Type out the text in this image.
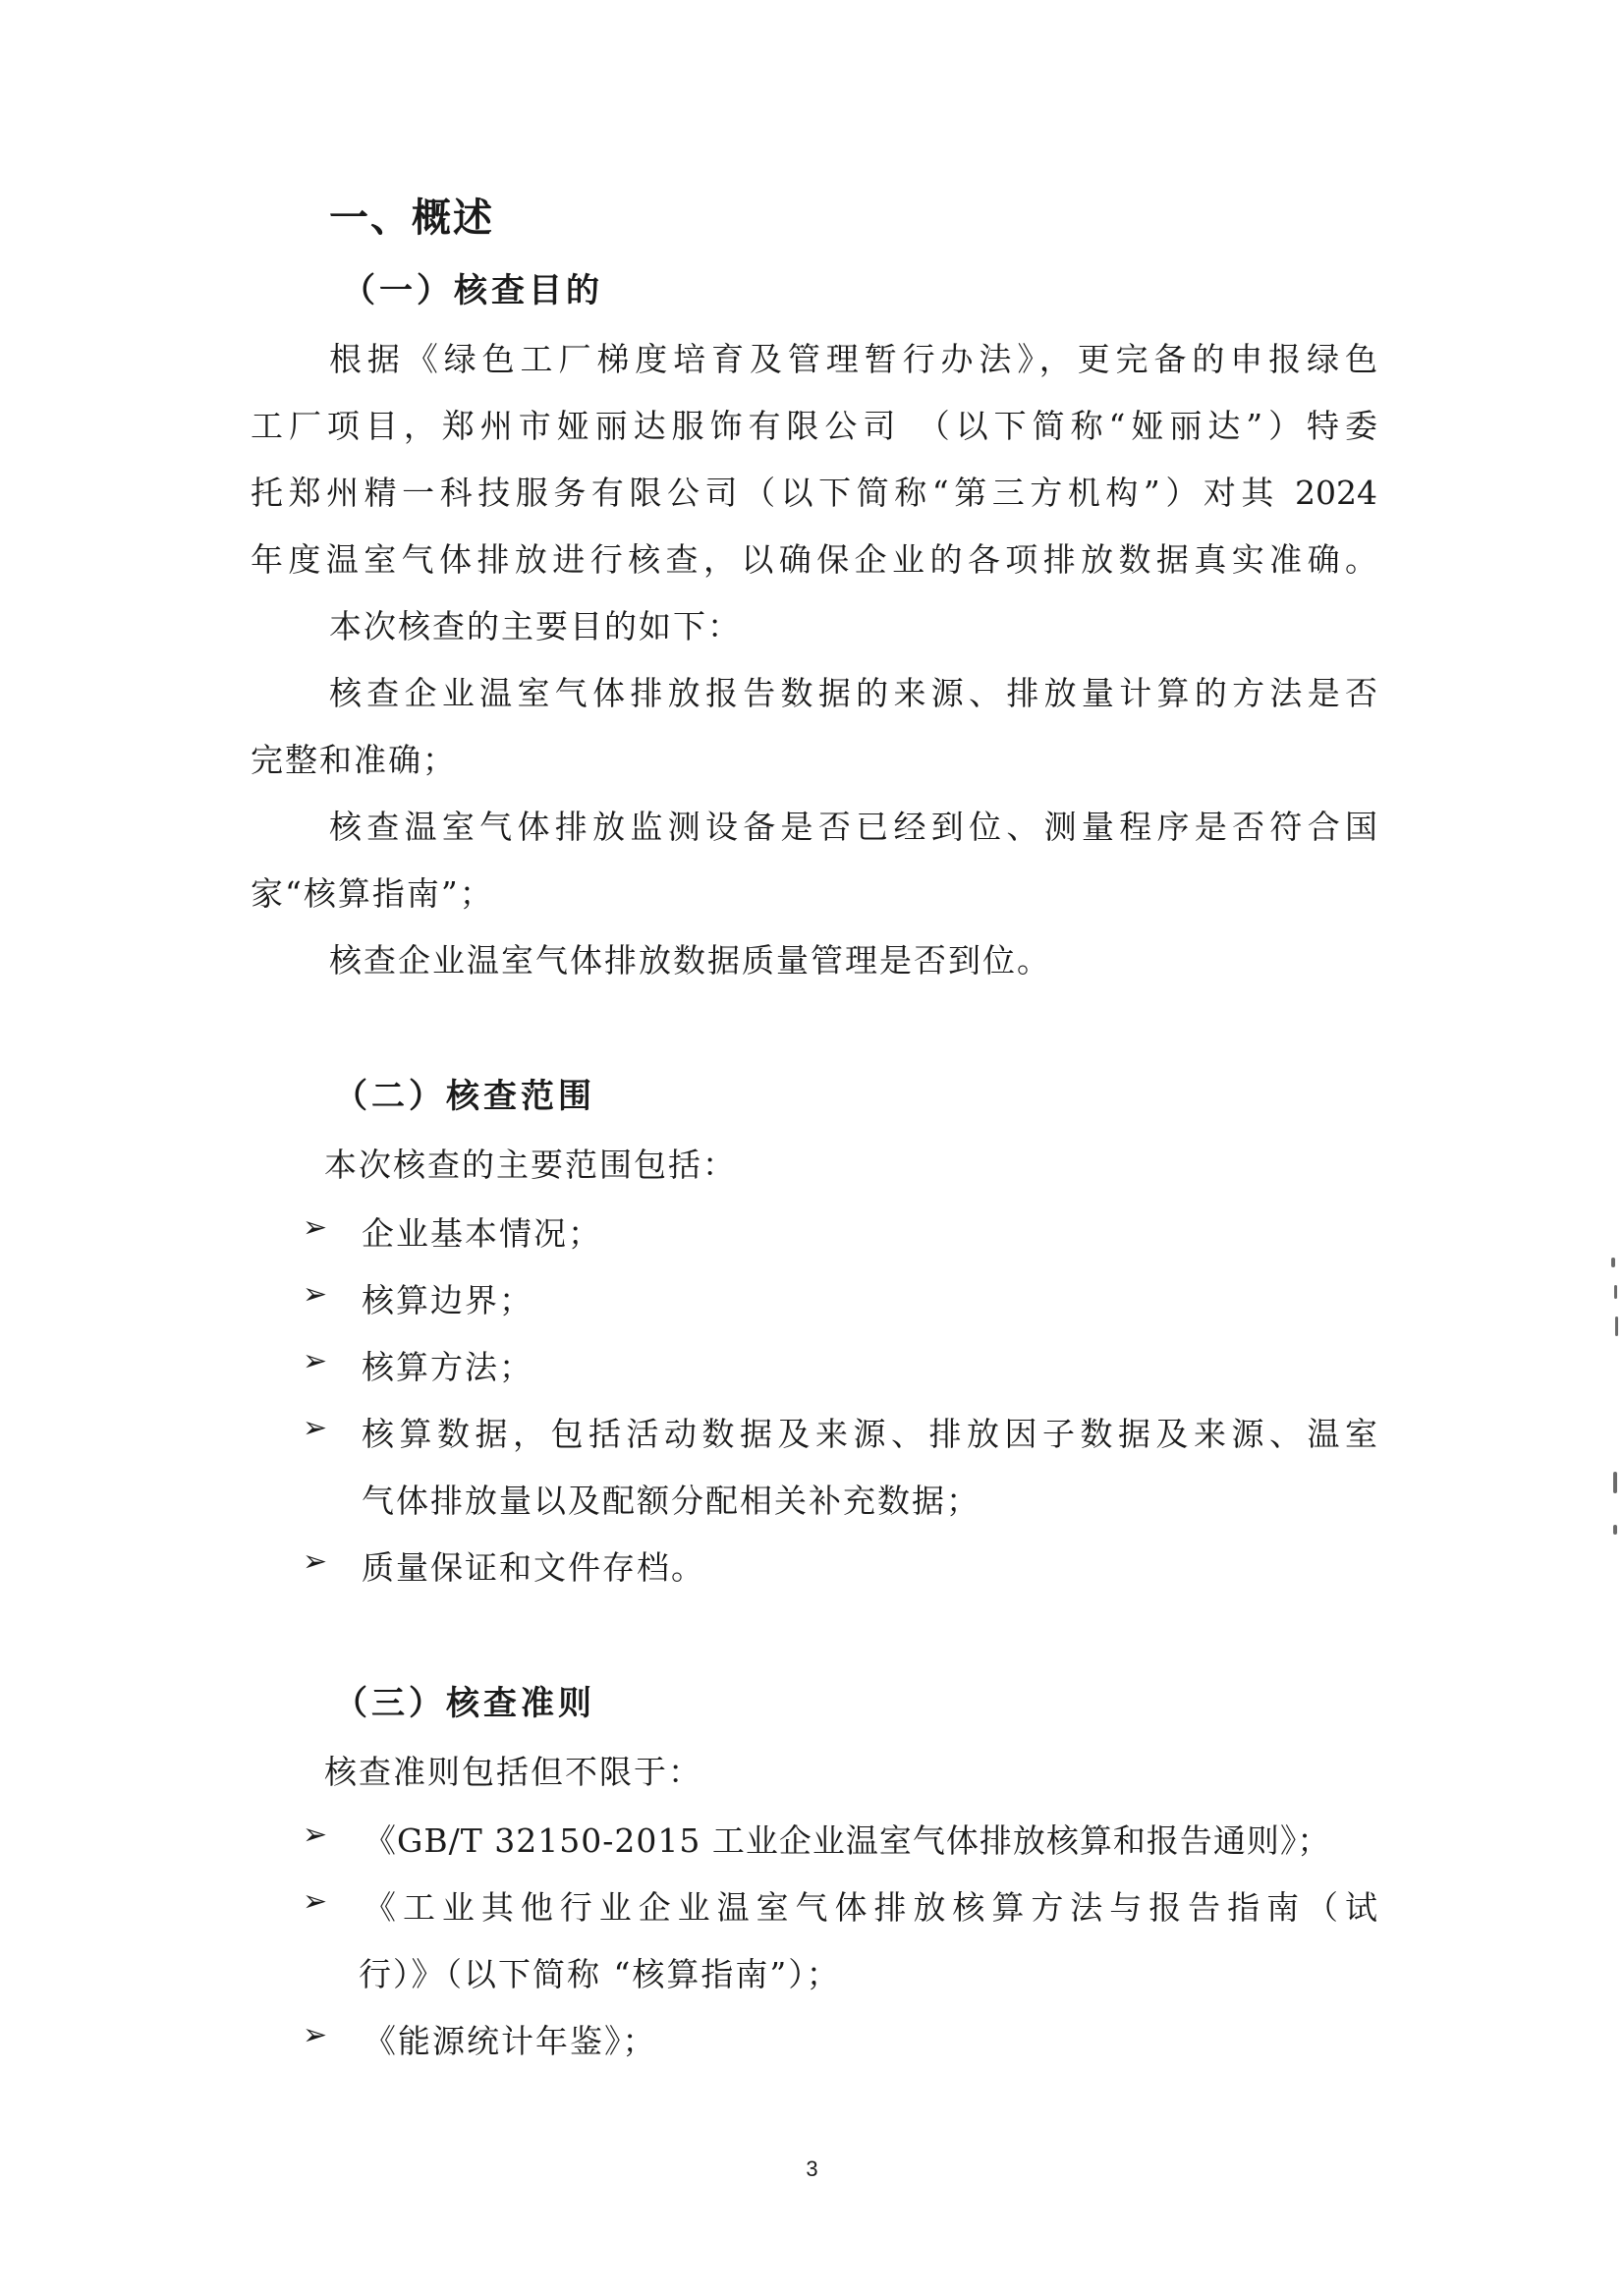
一、概述
（一）核查目的
根据《绿色工厂梯度培育及管理暂行办法》，更完备的申报绿色
工厂项目，郑州市娅丽达服饰有限公司 （以下简称“娅丽达”）特委
托郑州精一科技服务有限公司（以下简称“第三方机构”）对其 2024
年度温室气体排放进行核查，以确保企业的各项排放数据真实准确。
本次核查的主要目的如下：
核查企业温室气体排放报告数据的来源、排放量计算的方法是否
完整和准确；
核查温室气体排放监测设备是否已经到位、测量程序是否符合国
家“核算指南”；
核查企业温室气体排放数据质量管理是否到位。
（二）核查范围
本次核查的主要范围包括：
➢ 企业基本情况；
➢ 核算边界；
➢ 核算方法；
➢ 核算数据，包括活动数据及来源、排放因子数据及来源、温室
气体排放量以及配额分配相关补充数据；
➢ 质量保证和文件存档。
（三）核查准则
核查准则包括但不限于：
➢ 《GB/T 32150-2015 工业企业温室气体排放核算和报告通则》；
➢ 《工业其他行业企业温室气体排放核算方法与报告指南（试
行）》（以下简称 “核算指南”）；
➢ 《能源统计年鉴》；
3
